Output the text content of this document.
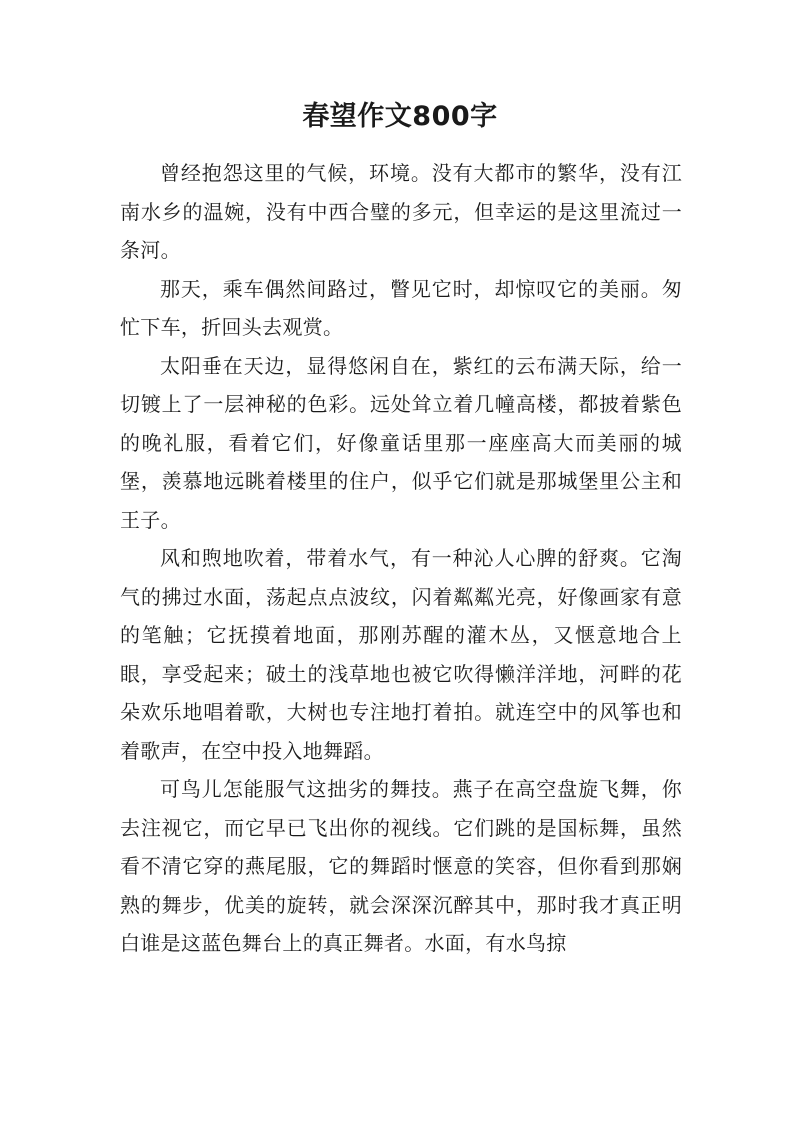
春望作文800字

曾经抱怨这里的气候，环境。没有大都市的繁华，没有江南水乡的温婉，没有中西合璧的多元，但幸运的是这里流过一条河。

那天，乘车偶然间路过，瞥见它时，却惊叹它的美丽。匆忙下车，折回头去观赏。

太阳垂在天边，显得悠闲自在，紫红的云布满天际，给一切镀上了一层神秘的色彩。远处耸立着几幢高楼，都披着紫色的晚礼服，看着它们，好像童话里那一座座高大而美丽的城堡，羡慕地远眺着楼里的住户，似乎它们就是那城堡里公主和王子。

风和煦地吹着，带着水气，有一种沁人心脾的舒爽。它淘气的拂过水面，荡起点点波纹，闪着粼粼光亮，好像画家有意的笔触；它抚摸着地面，那刚苏醒的灌木丛，又惬意地合上眼，享受起来；破土的浅草地也被它吹得懒洋洋地，河畔的花朵欢乐地唱着歌，大树也专注地打着拍。就连空中的风筝也和着歌声，在空中投入地舞蹈。

可鸟儿怎能服气这拙劣的舞技。燕子在高空盘旋飞舞，你去注视它，而它早已飞出你的视线。它们跳的是国标舞，虽然看不清它穿的燕尾服，它的舞蹈时惬意的笑容，但你看到那娴熟的舞步，优美的旋转，就会深深沉醉其中，那时我才真正明白谁是这蓝色舞台上的真正舞者。水面，有水鸟掠
